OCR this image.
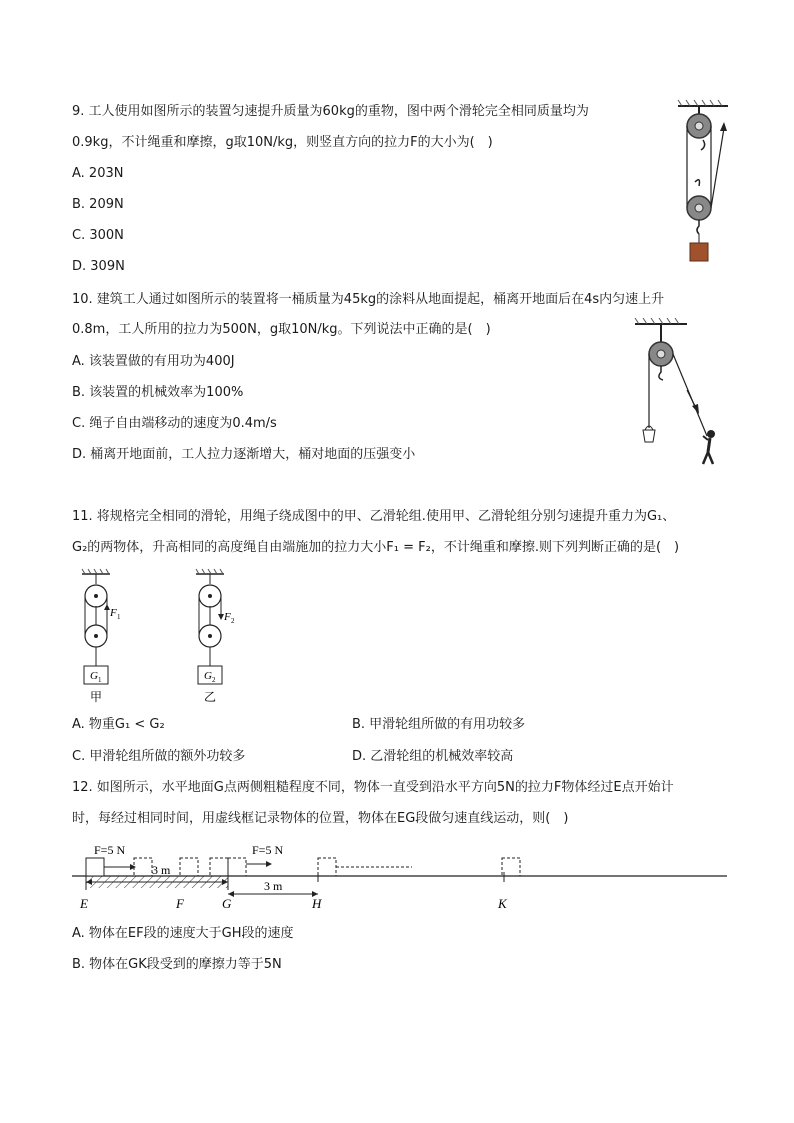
9. 工人使用如图所示的装置匀速提升质量为60kg的重物，图中两个滑轮完全相同质量均为
0.9kg，不计绳重和摩擦，g取10N/kg，则竖直方向的拉力F的大小为(　)
A. 203N
B. 209N
C. 300N
D. 309N
10. 建筑工人通过如图所示的装置将一桶质量为45kg的涂料从地面提起，桶离开地面后在4s内匀速上升
0.8m，工人所用的拉力为500N，g取10N/kg。下列说法中正确的是(　)
A. 该装置做的有用功为400J
B. 该装置的机械效率为100%
C. 绳子自由端移动的速度为0.4m/s
D. 桶离开地面前，工人拉力逐渐增大，桶对地面的压强变小
11. 将规格完全相同的滑轮，用绳子绕成图中的甲、乙滑轮组.使用甲、乙滑轮组分别匀速提升重力为G₁、
G₂的两物体，升高相同的高度绳自由端施加的拉力大小F₁ = F₂，不计绳重和摩擦.则下列判断正确的是(　)
F 1
G 1
甲
F 2
G 2
乙
A. 物重G₁ < G₂	B. 甲滑轮组所做的有用功较多
C. 甲滑轮组所做的额外功较多	D. 乙滑轮组的机械效率较高
12. 如图所示，水平地面G点两侧粗糙程度不同，物体一直受到沿水平方向5N的拉力F物体经过E点开始计
时，每经过相同时间，用虚线框记录物体的位置，物体在EG段做匀速直线运动，则(　)
F=5 N	F=5 N
3 m
3 m
E	F	G	H	K
A. 物体在EF段的速度大于GH段的速度
B. 物体在GK段受到的摩擦力等于5N
